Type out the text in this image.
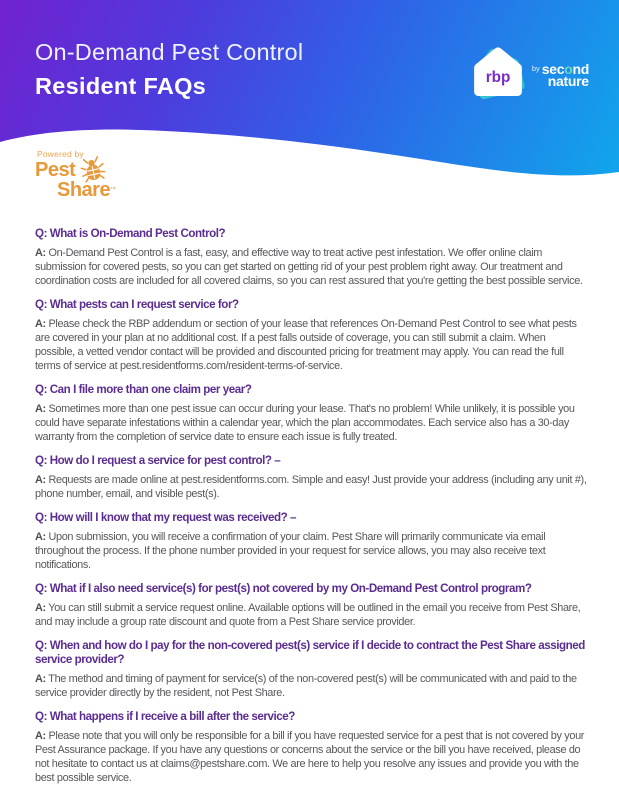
On-Demand Pest Control
Resident FAQs	rbp
by second
nature
Powered by
Pest
Share™
Q: What is On-Demand Pest Control?

A: On-Demand Pest Control is a fast, easy, and effective way to treat active pest infestation. We offer online claim submission for covered pests, so you can get started on getting rid of your pest problem right away. Our treatment and coordination costs are included for all covered claims, so you can rest assured that you're getting the best possible service.

Q: What pests can I request service for?

A: Please check the RBP addendum or section of your lease that references On-Demand Pest Control to see what pests are covered in your plan at no additional cost. If a pest falls outside of coverage, you can still submit a claim. When possible, a vetted vendor contact will be provided and discounted pricing for treatment may apply. You can read the full terms of service at pest.residentforms.com/resident-terms-of-service.

Q: Can I file more than one claim per year?

A: Sometimes more than one pest issue can occur during your lease. That's no problem! While unlikely, it is possible you could have separate infestations within a calendar year, which the plan accommodates. Each service also has a 30-day warranty from the completion of service date to ensure each issue is fully treated.

Q: How do I request a service for pest control? –

A: Requests are made online at pest.residentforms.com. Simple and easy! Just provide your address (including any unit #), phone number, email, and visible pest(s).

Q: How will I know that my request was received? –

A: Upon submission, you will receive a confirmation of your claim. Pest Share will primarily communicate via email throughout the process. If the phone number provided in your request for service allows, you may also receive text notifications.

Q: What if I also need service(s) for pest(s) not covered by my On-Demand Pest Control program?

A: You can still submit a service request online. Available options will be outlined in the email you receive from Pest Share, and may include a group rate discount and quote from a Pest Share service provider.

Q: When and how do I pay for the non-covered pest(s) service if I decide to contract the Pest Share assigned service provider?

A: The method and timing of payment for service(s) of the non-covered pest(s) will be communicated with and paid to the service provider directly by the resident, not Pest Share.

Q: What happens if I receive a bill after the service?

A: Please note that you will only be responsible for a bill if you have requested service for a pest that is not covered by your Pest Assurance package. If you have any questions or concerns about the service or the bill you have received, please do not hesitate to contact us at claims@pestshare.com. We are here to help you resolve any issues and provide you with the best possible service.
